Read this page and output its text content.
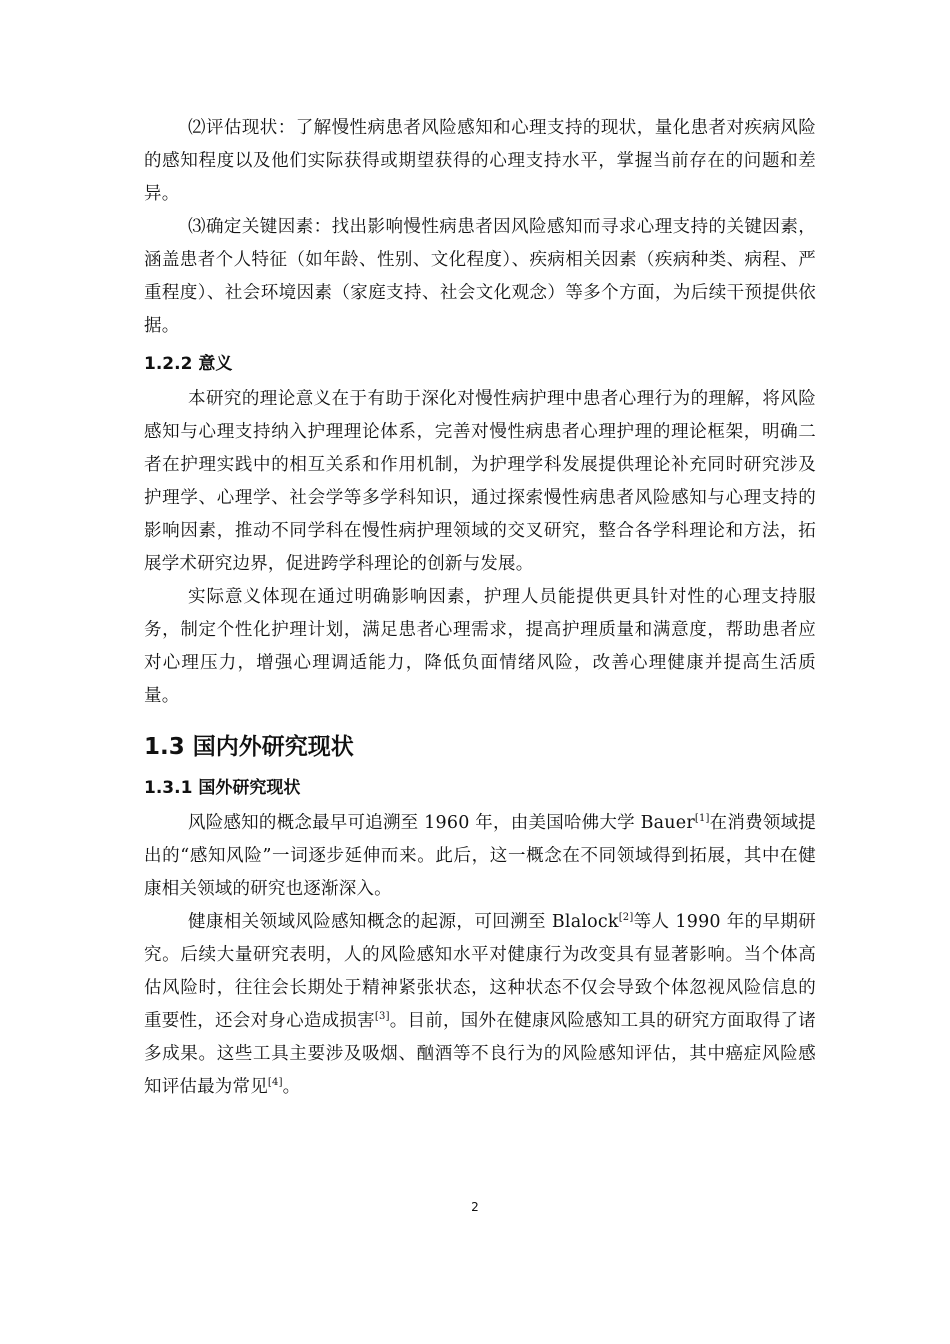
⑵评估现状：了解慢性病患者风险感知和心理支持的现状，量化患者对疾病风险的感知程度以及他们实际获得或期望获得的心理支持水平，掌握当前存在的问题和差异。

⑶确定关键因素：找出影响慢性病患者因风险感知而寻求心理支持的关键因素，涵盖患者个人特征（如年龄、性别、文化程度）、疾病相关因素（疾病种类、病程、严重程度）、社会环境因素（家庭支持、社会文化观念）等多个方面，为后续干预提供依据。

1.2.2 意义

本研究的理论意义在于有助于深化对慢性病护理中患者心理行为的理解，将风险感知与心理支持纳入护理理论体系，完善对慢性病患者心理护理的理论框架，明确二者在护理实践中的相互关系和作用机制，为护理学科发展提供理论补充同时研究涉及护理学、心理学、社会学等多学科知识，通过探索慢性病患者风险感知与心理支持的影响因素，推动不同学科在慢性病护理领域的交叉研究，整合各学科理论和方法，拓展学术研究边界，促进跨学科理论的创新与发展。

实际意义体现在通过明确影响因素，护理人员能提供更具针对性的心理支持服务，制定个性化护理计划，满足患者心理需求，提高护理质量和满意度，帮助患者应对心理压力，增强心理调适能力，降低负面情绪风险，改善心理健康并提高生活质量。

1.3 国内外研究现状
1.3.1 国外研究现状

风险感知的概念最早可追溯至 1960 年，由美国哈佛大学 Bauer[1]在消费领域提出的“感知风险”一词逐步延伸而来。此后，这一概念在不同领域得到拓展，其中在健康相关领域的研究也逐渐深入。

健康相关领域风险感知概念的起源，可回溯至 Blalock[2]等人 1990 年的早期研究。后续大量研究表明，人的风险感知水平对健康行为改变具有显著影响。当个体高估风险时，往往会长期处于精神紧张状态，这种状态不仅会导致个体忽视风险信息的重要性，还会对身心造成损害[3]。目前，国外在健康风险感知工具的研究方面取得了诸多成果。这些工具主要涉及吸烟、酗酒等不良行为的风险感知评估，其中癌症风险感知评估最为常见[4]。

2
